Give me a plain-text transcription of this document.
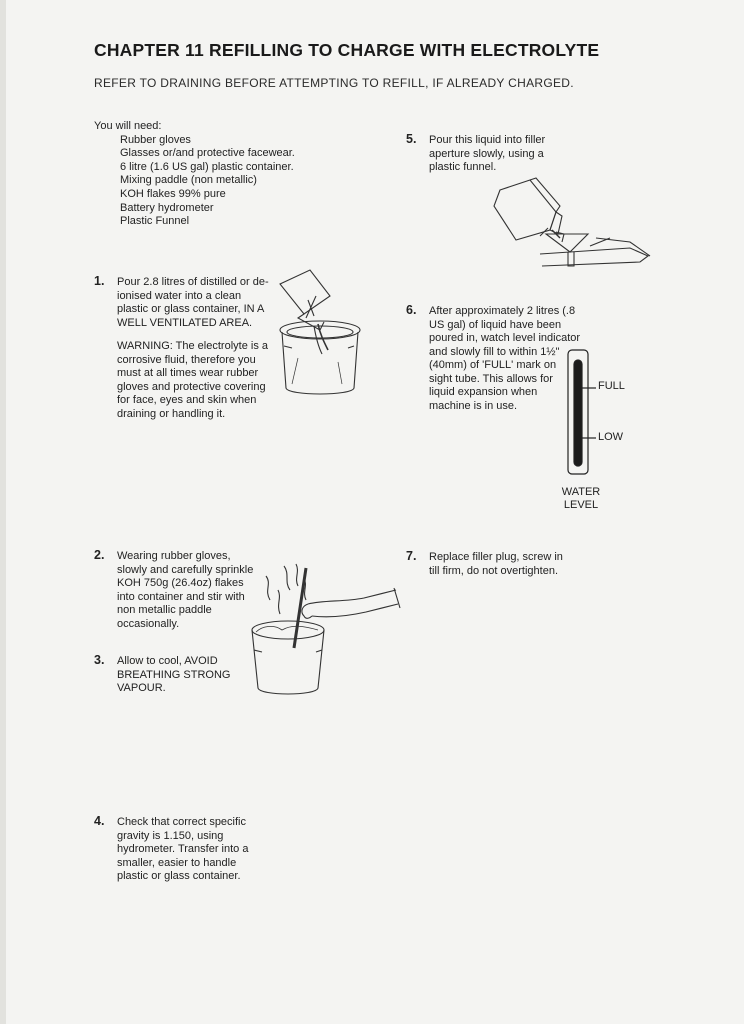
CHAPTER 11 REFILLING TO CHARGE WITH ELECTROLYTE
REFER TO DRAINING BEFORE ATTEMPTING TO REFILL, IF ALREADY CHARGED.
You will need:
Rubber gloves
Glasses or/and protective facewear.
6 litre (1.6 US gal) plastic container.
Mixing paddle (non metallic)
KOH flakes 99% pure
Battery hydrometer
Plastic Funnel
1. Pour 2.8 litres of distilled or de-ionised water into a clean plastic or glass container, IN A WELL VENTILATED AREA.

WARNING: The electrolyte is a corrosive fluid, therefore you must at all times wear rubber gloves and protective covering for face, eyes and skin when draining or handling it.

2. Wearing rubber gloves, slowly and carefully sprinkle KOH 750g (26.4oz) flakes into container and stir with non metallic paddle occasionally.

3. Allow to cool, AVOID BREATHING STRONG VAPOUR.

4. Check that correct specific gravity is 1.150, using hydrometer. Transfer into a smaller, easier to handle plastic or glass container.

5. Pour this liquid into filler aperture slowly, using a plastic funnel.

6. After approximately 2 litres (.8 US gal) of liquid have been poured in, watch level indicator and slowly fill to within 1½" (40mm) of 'FULL' mark on sight tube. This allows for liquid expansion when machine is in use.

7. Replace filler plug, screw in till firm, do not overtighten.

FULL
LOW
WATER
LEVEL
